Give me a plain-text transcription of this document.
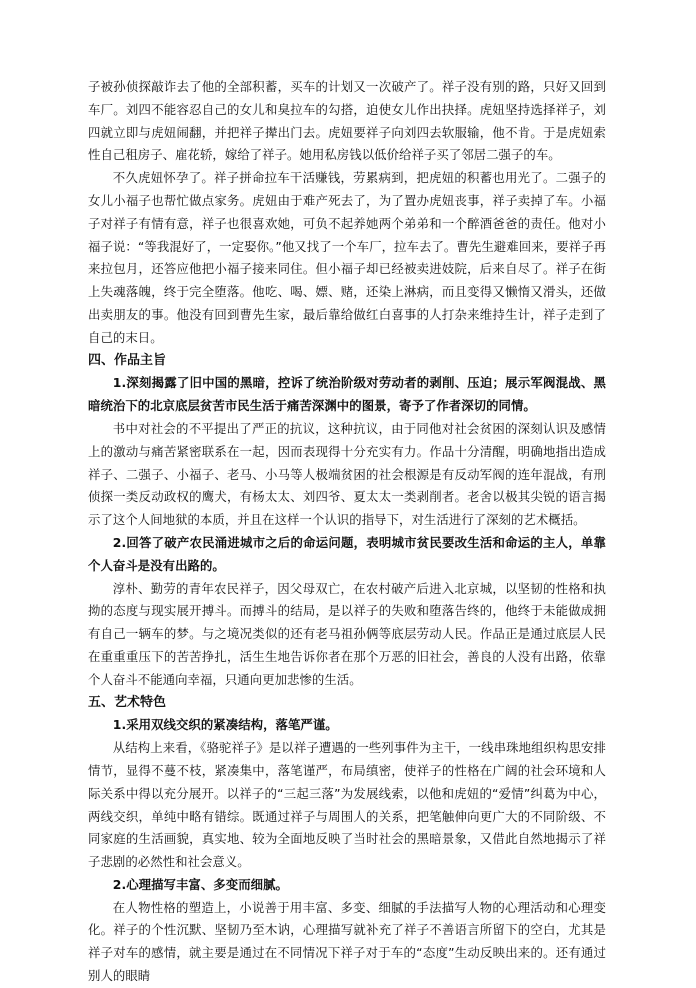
子被孙侦探敲诈去了他的全部积蓄，买车的计划又一次破产了。祥子没有别的路，只好又回到车厂。刘四不能容忍自己的女儿和臭拉车的勾搭，迫使女儿作出抉择。虎妞坚持选择祥子，刘四就立即与虎妞闹翻，并把祥子撵出门去。虎妞要祥子向刘四去软服输，他不肯。于是虎妞索性自己租房子、雇花轿，嫁给了祥子。她用私房钱以低价给祥子买了邻居二强子的车。

不久虎妞怀孕了。祥子拼命拉车干活赚钱，劳累病到，把虎妞的积蓄也用光了。二强子的女儿小福子也帮忙做点家务。虎妞由于难产死去了，为了置办虎妞丧事，祥子卖掉了车。小福子对祥子有情有意，祥子也很喜欢她，可负不起养她两个弟弟和一个醉酒爸爸的责任。他对小福子说：“等我混好了，一定娶你。”他又找了一个车厂，拉车去了。曹先生避难回来，要祥子再来拉包月，还答应他把小福子接来同住。但小福子却已经被卖进妓院，后来自尽了。祥子在街上失魂落魄，终于完全堕落。他吃、喝、嫖、赌，还染上淋病，而且变得又懒惰又滑头，还做出卖朋友的事。他没有回到曹先生家，最后靠给做红白喜事的人打杂来维持生计，祥子走到了自己的末日。

四、作品主旨

1.深刻揭露了旧中国的黑暗，控诉了统治阶级对劳动者的剥削、压迫；展示军阀混战、黑暗统治下的北京底层贫苦市民生活于痛苦深渊中的图景，寄予了作者深切的同情。

书中对社会的不平提出了严正的抗议，这种抗议，由于同他对社会贫困的深刻认识及感情上的激动与痛苦紧密联系在一起，因而表现得十分充实有力。作品十分清醒，明确地指出造成祥子、二强子、小福子、老马、小马等人极端贫困的社会根源是有反动军阀的连年混战，有刑侦探一类反动政权的鹰犬，有杨太太、刘四爷、夏太太一类剥削者。老舍以极其尖锐的语言揭示了这个人间地狱的本质，并且在这样一个认识的指导下，对生活进行了深刻的艺术概括。

2.回答了破产农民涌进城市之后的命运问题，表明城市贫民要改生活和命运的主人，单靠个人奋斗是没有出路的。

淳朴、勤劳的青年农民祥子，因父母双亡，在农村破产后进入北京城，以坚韧的性格和执拗的态度与现实展开搏斗。而搏斗的结局，是以祥子的失败和堕落告终的，他终于未能做成拥有自己一辆车的梦。与之境况类似的还有老马祖孙俩等底层劳动人民。作品正是通过底层人民在重重重压下的苦苦挣扎，活生生地告诉你者在那个万恶的旧社会，善良的人没有出路，依靠个人奋斗不能通向幸福，只通向更加悲惨的生活。

五、艺术特色

1.采用双线交织的紧凑结构，落笔严谨。

从结构上来看，《骆驼祥子》是以祥子遭遇的一些列事件为主干，一线串珠地组织构思安排情节，显得不蔓不枝，紧凑集中，落笔谨严，布局缜密，使祥子的性格在广阔的社会环境和人际关系中得以充分展开。以祥子的“三起三落”为发展线索，以他和虎妞的“爱情”纠葛为中心，两线交织，单纯中略有错综。既通过祥子与周围人的关系，把笔触伸向更广大的不同阶级、不同家庭的生活画貌，真实地、较为全面地反映了当时社会的黑暗景象，又借此自然地揭示了祥子悲剧的必然性和社会意义。

2.心理描写丰富、多变而细腻。

在人物性格的塑造上，小说善于用丰富、多变、细腻的手法描写人物的心理活动和心理变化。祥子的个性沉默、坚韧乃至木讷，心理描写就补充了祥子不善语言所留下的空白，尤其是祥子对车的感情，就主要是通过在不同情况下祥子对于车的“态度”生动反映出来的。还有通过别人的眼睛
